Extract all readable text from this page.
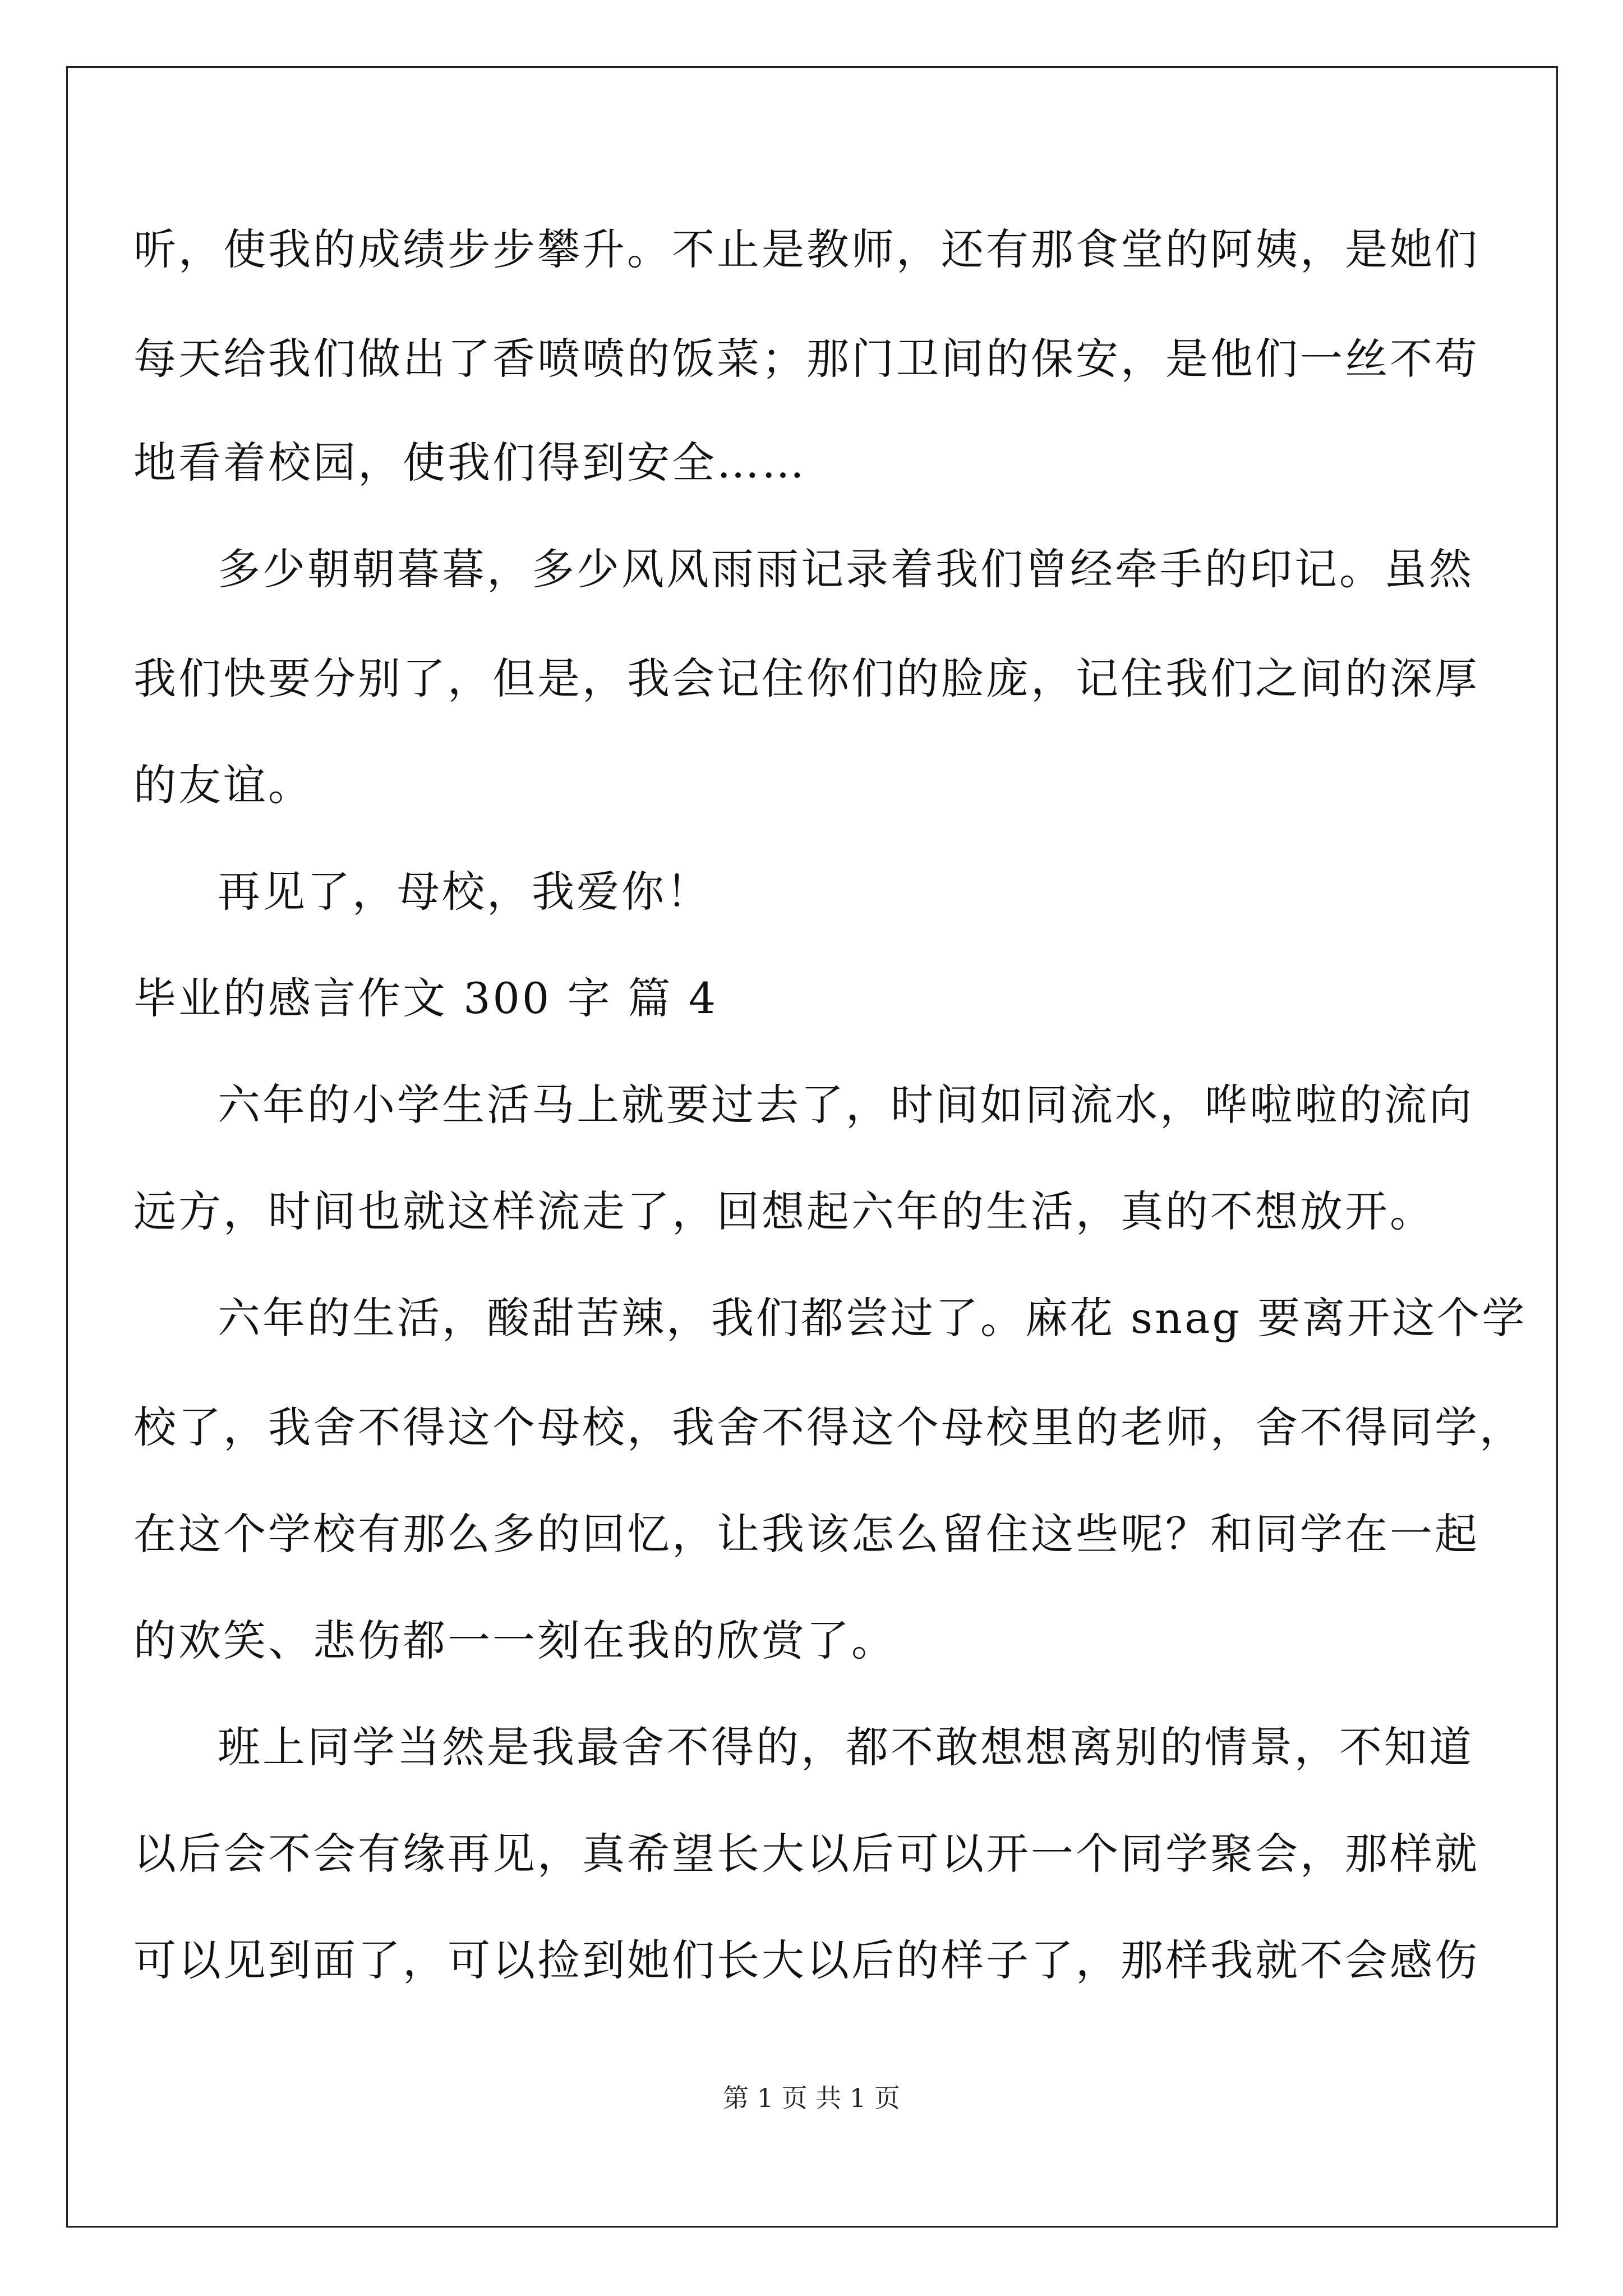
听，使我的成绩步步攀升。不止是教师，还有那食堂的阿姨，是她们
每天给我们做出了香喷喷的饭菜；那门卫间的保安，是他们一丝不苟
地看着校园，使我们得到安全……
多少朝朝暮暮，多少风风雨雨记录着我们曾经牵手的印记。虽然
我们快要分别了，但是，我会记住你们的脸庞，记住我们之间的深厚
的友谊。
再见了，母校，我爱你！
毕业的感言作文 300 字 篇 4
六年的小学生活马上就要过去了，时间如同流水，哗啦啦的流向
远方，时间也就这样流走了，回想起六年的生活，真的不想放开。
六年的生活，酸甜苦辣，我们都尝过了。麻花 snag 要离开这个学
校了，我舍不得这个母校，我舍不得这个母校里的老师，舍不得同学，
在这个学校有那么多的回忆，让我该怎么留住这些呢？和同学在一起
的欢笑、悲伤都一一刻在我的欣赏了。
班上同学当然是我最舍不得的，都不敢想想离别的情景，不知道
以后会不会有缘再见，真希望长大以后可以开一个同学聚会，那样就
可以见到面了，可以捡到她们长大以后的样子了，那样我就不会感伤
第 1 页 共 1 页
